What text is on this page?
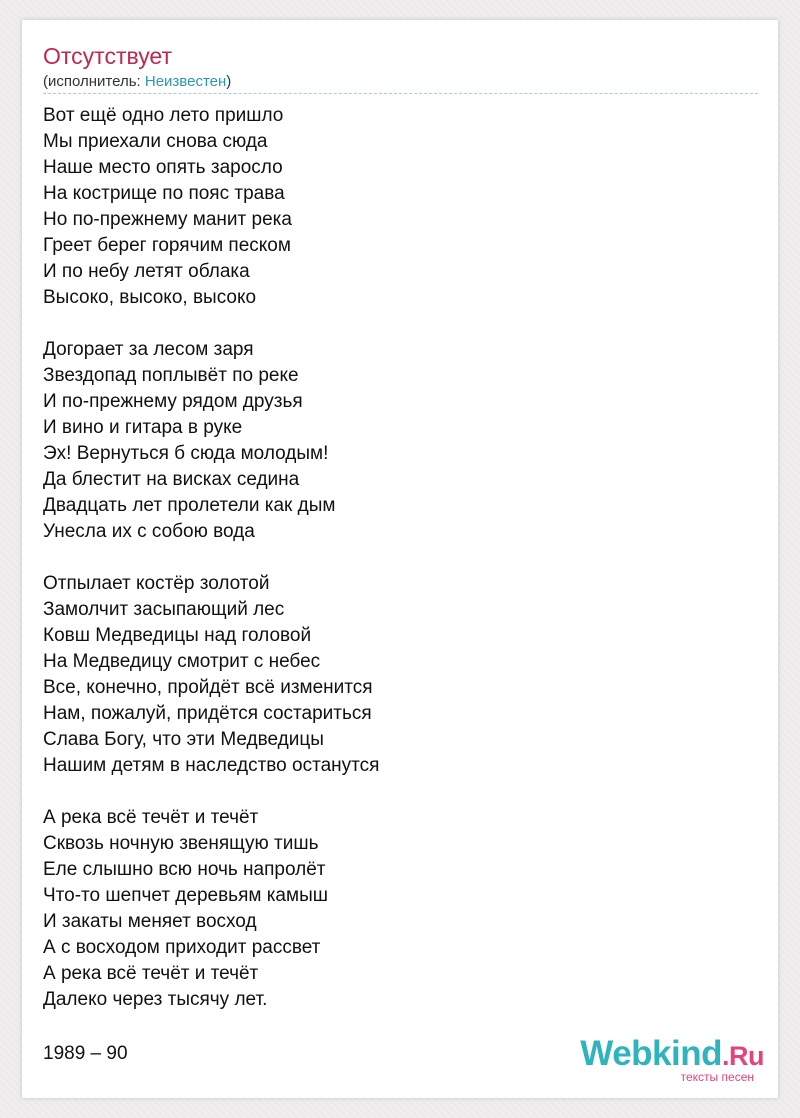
Отсутствует
(исполнитель: Неизвестен)
Вот ещё одно лето пришло
Мы приехали снова сюда
Наше место опять заросло
На кострище по пояс трава
Но по-прежнему манит река
Греет берег горячим песком
И по небу летят облака
Высоко, высоко, высоко
Догорает за лесом заря
Звездопад поплывёт по реке
И по-прежнему рядом друзья
И вино и гитара в руке
Эх! Вернуться б сюда молодым!
Да блестит на висках седина
Двадцать лет пролетели как дым
Унесла их с собою вода
Отпылает костёр золотой
Замолчит засыпающий лес
Ковш Медведицы над головой
На Медведицу смотрит с небес
Все, конечно, пройдёт всё изменится
Нам, пожалуй, придётся состариться
Слава Богу, что эти Медведицы
Нашим детям в наследство останутся
А река всё течёт и течёт
Сквозь ночную звенящую тишь
Еле слышно всю ночь напролёт
Что-то шепчет деревьям камыш
И закаты меняет восход
А с восходом приходит рассвет
А река всё течёт и течёт
Далеко через тысячу лет.
1989 – 90	Webkind.Ru
тексты песен
